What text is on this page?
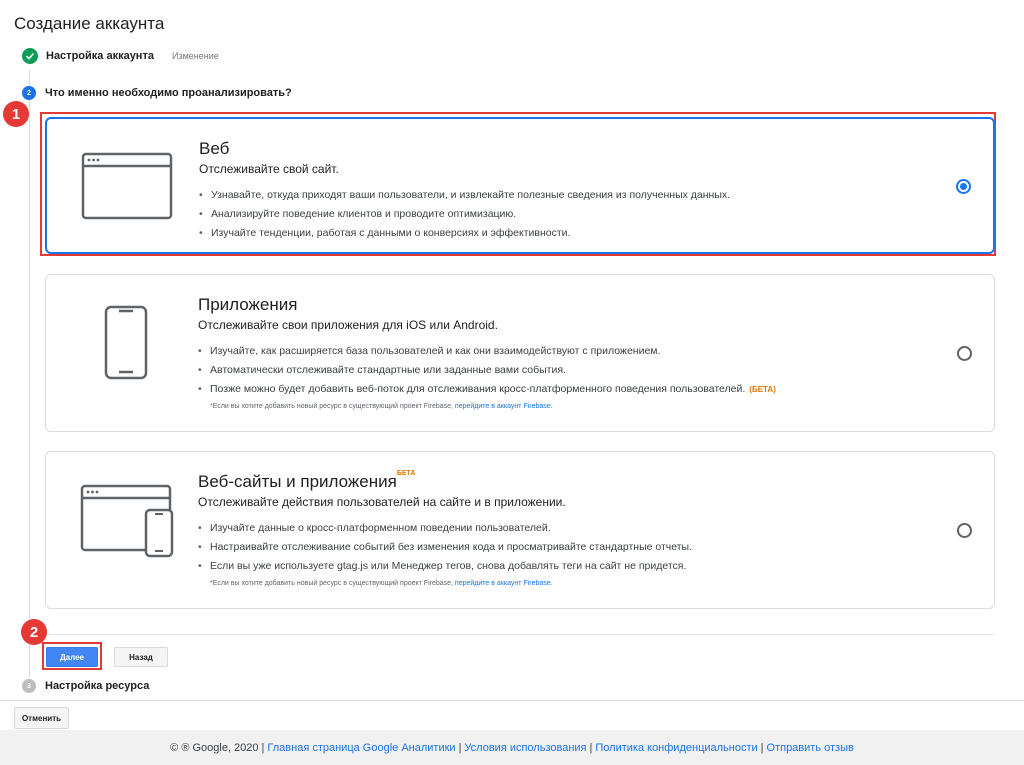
Создание аккаунта
Настройка аккаунта Изменение
2	Что именно необходимо проанализировать?
1
Веб
Отслеживайте свой сайт.
• Узнавайте, откуда приходят ваши пользователи, и извлекайте полезные сведения из полученных данных.
• Анализируйте поведение клиентов и проводите оптимизацию.
• Изучайте тенденции, работая с данными о конверсиях и эффективности.
Приложения
Отслеживайте свои приложения для iOS или Android.
• Изучайте, как расширяется база пользователей и как они взаимодействуют с приложением.
• Автоматически отслеживайте стандартные или заданные вами события.
• Позже можно будет добавить веб-поток для отслеживания кросс-платформенного поведения пользователей. (БЕТА)
*Если вы хотите добавить новый ресурс в существующий проект Firebase, перейдите в аккаунт Firebase.
Веб-сайты и приложения$^{БЕТА}$
Отслеживайте действия пользователей на сайте и в приложении.
• Изучайте данные о кросс-платформенном поведении пользователей.
• Настраивайте отслеживание событий без изменения кода и просматривайте стандартные отчеты.
• Если вы уже используете gtag.js или Менеджер тегов, снова добавлять теги на сайт не придется.
*Если вы хотите добавить новый ресурс в существующий проект Firebase, перейдите в аккаунт Firebase.
2
Далее	Назад
3	Настройка ресурса
Отменить
© ® Google, 2020 | Главная страница Google Аналитики | Условия использования | Политика конфиденциальности | Отправить отзыв
